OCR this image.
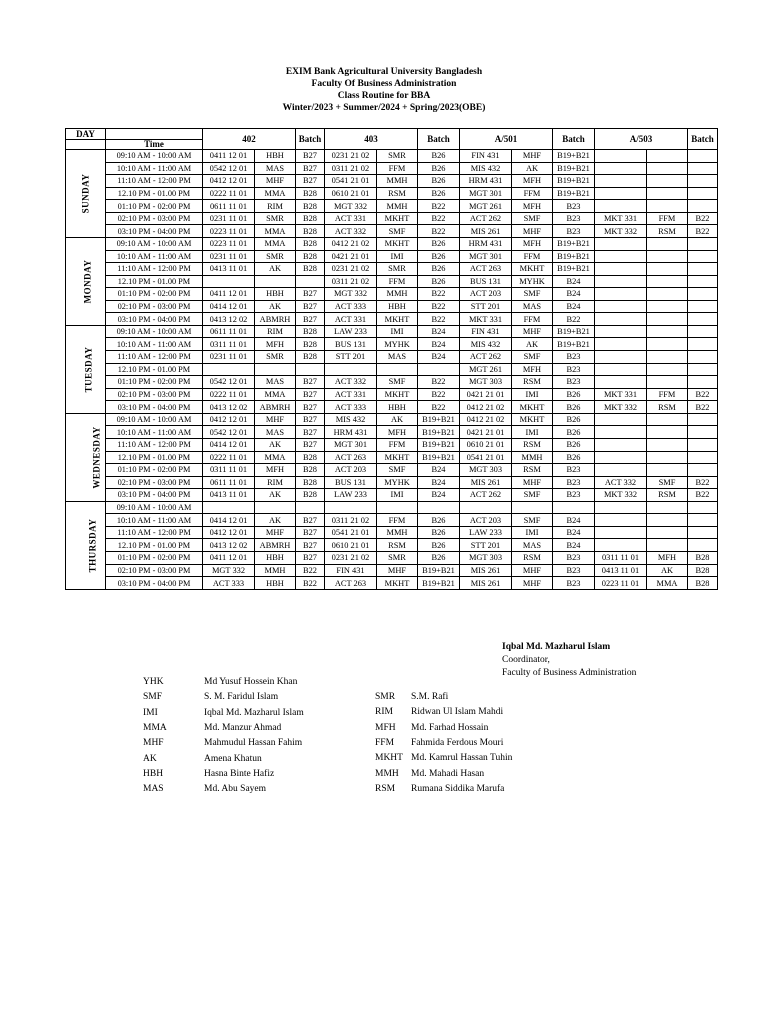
EXIM Bank Agricultural University Bangladesh
Faculty Of Business Administration
Class Routine for BBA
Winter/2023 + Summer/2024 + Spring/2023(OBE)
DAY		402		Batch	403		Batch	A/501		Batch	A/503		Batch
	Time												
SUNDAY	09:10 AM - 10:00 AM	0411 12 01	HBH	B27	0231 21 02	SMR	B26	FIN 431	MHF	B19+B21			
	10:10 AM - 11:00 AM	0542 12 01	MAS	B27	0311 21 02	FFM	B26	MIS 432	AK	B19+B21			
	11:10 AM - 12:00 PM	0412 12 01	MHF	B27	0541 21 01	MMH	B26	HRM 431	MFH	B19+B21			
	12.10 PM - 01.00 PM	0222 11 01	MMA	B28	0610 21 01	RSM	B26	MGT 301	FFM	B19+B21			
	01:10 PM - 02:00 PM	0611 11 01	RIM	B28	MGT 332	MMH	B22	MGT 261	MFH	B23			
	02:10 PM - 03:00 PM	0231 11 01	SMR	B28	ACT 331	MKHT	B22	ACT 262	SMF	B23	MKT 331	FFM	B22
	03:10 PM - 04:00 PM	0223 11 01	MMA	B28	ACT 332	SMF	B22	MIS 261	MHF	B23	MKT 332	RSM	B22
MONDAY	09:10 AM - 10:00 AM	0223 11 01	MMA	B28	0412 21 02	MKHT	B26	HRM 431	MFH	B19+B21			
	10:10 AM - 11:00 AM	0231 11 01	SMR	B28	0421 21 01	IMI	B26	MGT 301	FFM	B19+B21			
	11:10 AM - 12:00 PM	0413 11 01	AK	B28	0231 21 02	SMR	B26	ACT 263	MKHT	B19+B21			
	12.10 PM - 01.00 PM				0311 21 02	FFM	B26	BUS 131	MYHK	B24			
	01:10 PM - 02:00 PM	0411 12 01	HBH	B27	MGT 332	MMH	B22	ACT 203	SMF	B24			
	02:10 PM - 03:00 PM	0414 12 01	AK	B27	ACT 333	HBH	B22	STT 201	MAS	B24			
	03:10 PM - 04:00 PM	0413 12 02	ABMRH	B27	ACT 331	MKHT	B22	MKT 331	FFM	B22			
TUESDAY	09:10 AM - 10:00 AM	0611 11 01	RIM	B28	LAW 233	IMI	B24	FIN 431	MHF	B19+B21			
	10:10 AM - 11:00 AM	0311 11 01	MFH	B28	BUS 131	MYHK	B24	MIS 432	AK	B19+B21			
	11:10 AM - 12:00 PM	0231 11 01	SMR	B28	STT 201	MAS	B24	ACT 262	SMF	B23			
	12.10 PM - 01.00 PM							MGT 261	MFH	B23			
	01:10 PM - 02:00 PM	0542 12 01	MAS	B27	ACT 332	SMF	B22	MGT 303	RSM	B23			
	02:10 PM - 03:00 PM	0222 11 01	MMA	B27	ACT 331	MKHT	B22	0421 21 01	IMI	B26	MKT 331	FFM	B22
	03:10 PM - 04:00 PM	0413 12 02	ABMRH	B27	ACT 333	HBH	B22	0412 21 02	MKHT	B26	MKT 332	RSM	B22
WEDNESDAY	09:10 AM - 10:00 AM	0412 12 01	MHF	B27	MIS 432	AK	B19+B21	0412 21 02	MKHT	B26			
	10:10 AM - 11:00 AM	0542 12 01	MAS	B27	HRM 431	MFH	B19+B21	0421 21 01	IMI	B26			
	11:10 AM - 12:00 PM	0414 12 01	AK	B27	MGT 301	FFM	B19+B21	0610 21 01	RSM	B26			
	12.10 PM - 01.00 PM	0222 11 01	MMA	B28	ACT 263	MKHT	B19+B21	0541 21 01	MMH	B26			
	01:10 PM - 02:00 PM	0311 11 01	MFH	B28	ACT 203	SMF	B24	MGT 303	RSM	B23			
	02:10 PM - 03:00 PM	0611 11 01	RIM	B28	BUS 131	MYHK	B24	MIS 261	MHF	B23	ACT 332	SMF	B22
	03:10 PM - 04:00 PM	0413 11 01	AK	B28	LAW 233	IMI	B24	ACT 262	SMF	B23	MKT 332	RSM	B22
THURSDAY	09:10 AM - 10:00 AM												
	10:10 AM - 11:00 AM	0414 12 01	AK	B27	0311 21 02	FFM	B26	ACT 203	SMF	B24			
	11:10 AM - 12:00 PM	0412 12 01	MHF	B27	0541 21 01	MMH	B26	LAW 233	IMI	B24			
	12.10 PM - 01.00 PM	0413 12 02	ABMRH	B27	0610 21 01	RSM	B26	STT 201	MAS	B24			
	01:10 PM - 02:00 PM	0411 12 01	HBH	B27	0231 21 02	SMR	B26	MGT 303	RSM	B23	0311 11 01	MFH	B28
	02:10 PM - 03:00 PM	MGT 332	MMH	B22	FIN 431	MHF	B19+B21	MIS 261	MHF	B23	0413 11 01	AK	B28
	03:10 PM - 04:00 PM	ACT 333	HBH	B22	ACT 263	MKHT	B19+B21	MIS 261	MHF	B23	0223 11 01	MMA	B28
Iqbal Md. Mazharul Islam
Coordinator,
Faculty of Business Administration
YHK	Md Yusuf Hossein Khan
SMF	S. M. Faridul Islam
IMI	Iqbal Md. Mazharul Islam
MMA	Md. Manzur Ahmad
MHF	Mahmudul Hassan Fahim
AK	Amena Khatun
HBH	Hasna Binte Hafiz
MAS	Md. Abu Sayem
SMR S.M. Rafi
RIM Ridwan Ul Islam Mahdi
MFH Md. Farhad Hossain
FFM Fahmida Ferdous Mouri
MKHT Md. Kamrul Hassan Tuhin
MMH Md. Mahadi Hasan
RSM Rumana Siddika Marufa
